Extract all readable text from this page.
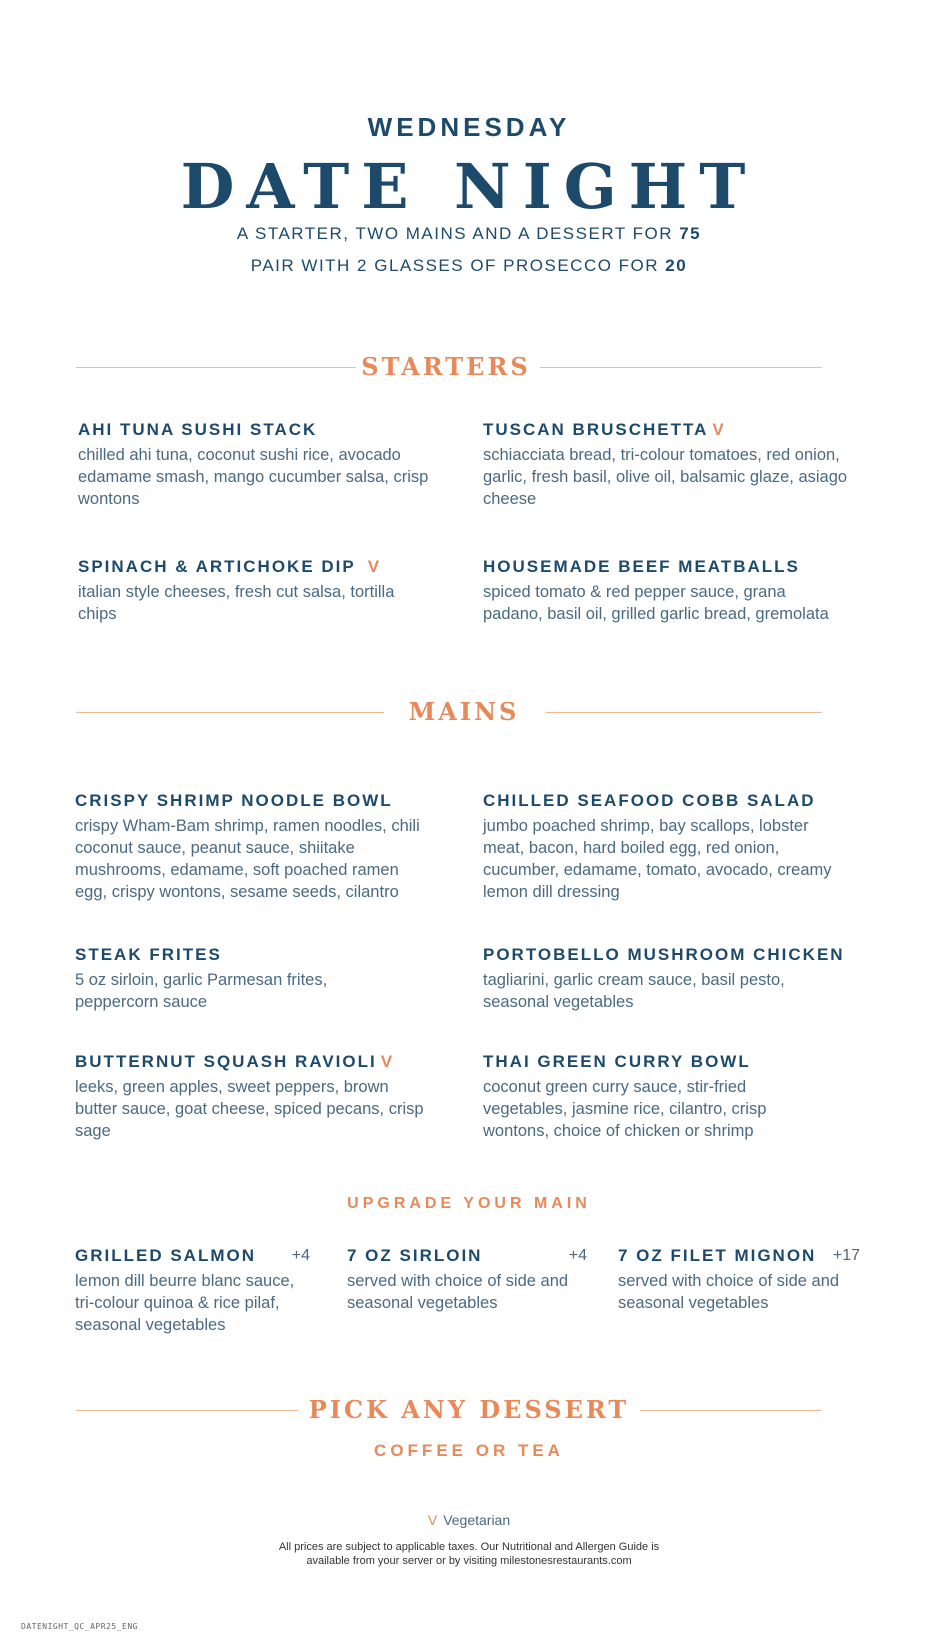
WEDNESDAY
DATE NIGHT
A STARTER, TWO MAINS AND A DESSERT FOR 75
PAIR WITH 2 GLASSES OF PROSECCO FOR 20
STARTERS
AHI TUNA SUSHI STACK
chilled ahi tuna, coconut sushi rice, avocado edamame smash, mango cucumber salsa, crisp wontons
TUSCAN BRUSCHETTA V
schiacciata bread, tri-colour tomatoes, red onion, garlic, fresh basil, olive oil, balsamic glaze, asiago cheese
SPINACH & ARTICHOKE DIP V
italian style cheeses, fresh cut salsa, tortilla chips
HOUSEMADE BEEF MEATBALLS
spiced tomato & red pepper sauce, grana padano, basil oil, grilled garlic bread, gremolata
MAINS
CRISPY SHRIMP NOODLE BOWL
crispy Wham-Bam shrimp, ramen noodles, chili coconut sauce, peanut sauce, shiitake mushrooms, edamame, soft poached ramen egg, crispy wontons, sesame seeds, cilantro
CHILLED SEAFOOD COBB SALAD
jumbo poached shrimp, bay scallops, lobster meat, bacon, hard boiled egg, red onion, cucumber, edamame, tomato, avocado, creamy lemon dill dressing
STEAK FRITES
5 oz sirloin, garlic Parmesan frites, peppercorn sauce
PORTOBELLO MUSHROOM CHICKEN
tagliarini, garlic cream sauce, basil pesto, seasonal vegetables
BUTTERNUT SQUASH RAVIOLI V
leeks, green apples, sweet peppers, brown butter sauce, goat cheese, spiced pecans, crisp sage
THAI GREEN CURRY BOWL
coconut green curry sauce, stir-fried vegetables, jasmine rice, cilantro, crisp wontons, choice of chicken or shrimp
UPGRADE YOUR MAIN
GRILLED SALMON	+4
lemon dill beurre blanc sauce, tri-colour quinoa & rice pilaf, seasonal vegetables
7 OZ SIRLOIN	+4
served with choice of side and seasonal vegetables
7 OZ FILET MIGNON	+17
served with choice of side and seasonal vegetables
PICK ANY DESSERT
COFFEE OR TEA
V Vegetarian
All prices are subject to applicable taxes. Our Nutritional and Allergen Guide is
available from your server or by visiting milestonesrestaurants.com
DATENIGHT_QC_APR25_ENG
